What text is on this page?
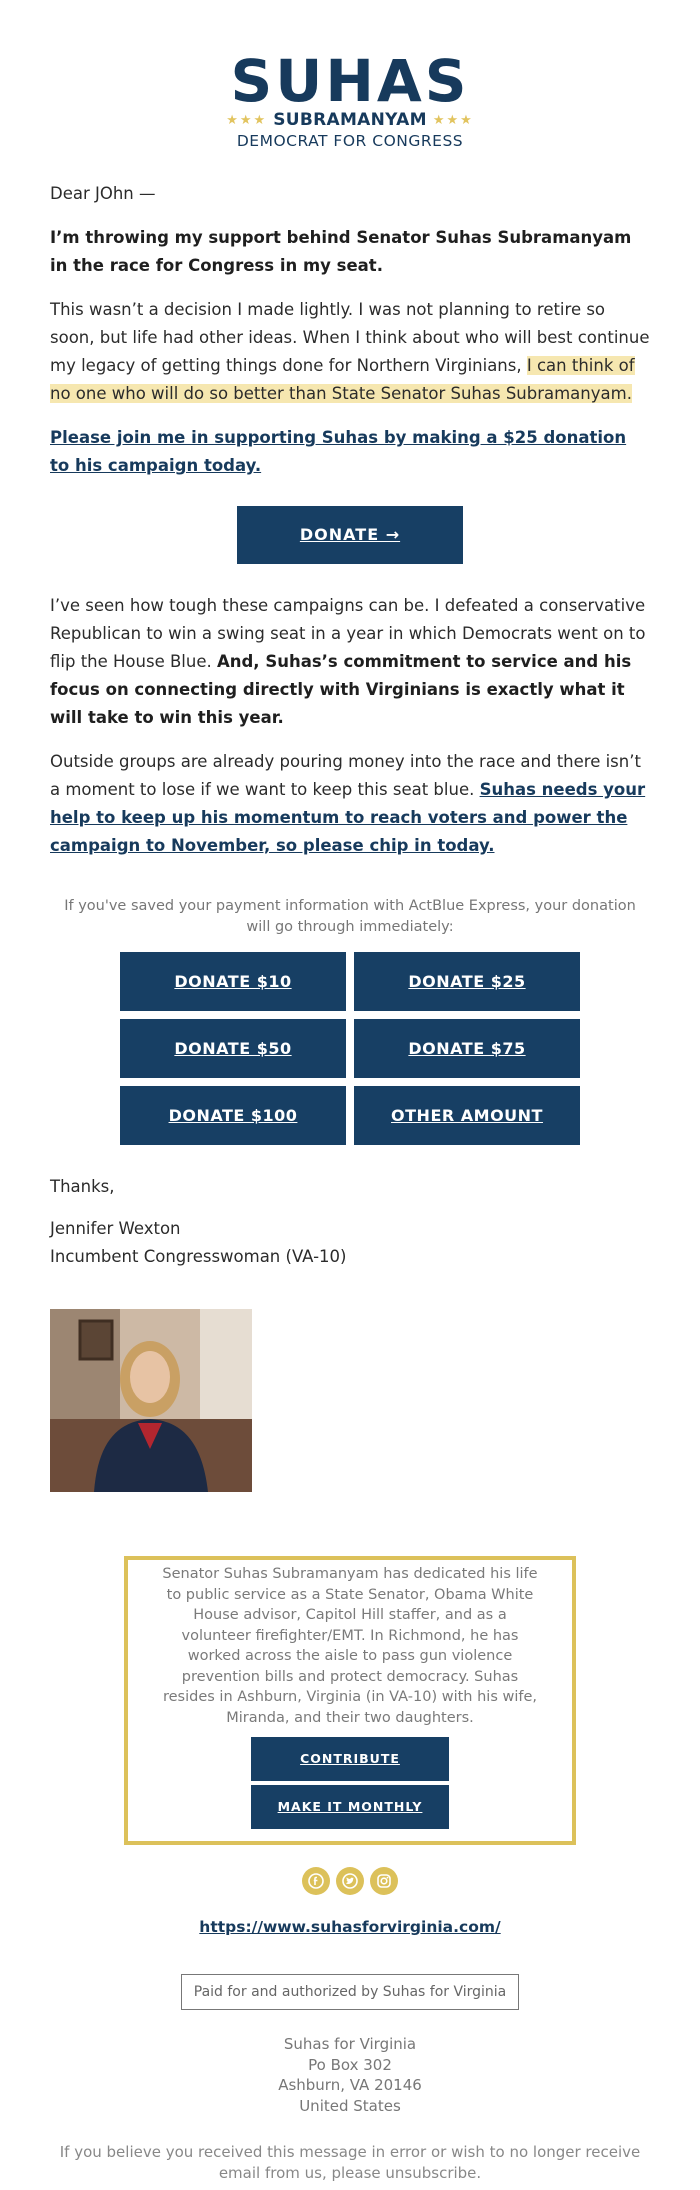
SUHAS
★★★ SUBRAMANYAM ★★★
DEMOCRAT FOR CONGRESS

Dear JOhn —

I’m throwing my support behind Senator Suhas Subramanyam in the race for Congress in my seat.

This wasn’t a decision I made lightly. I was not planning to retire so soon, but life had other ideas. When I think about who will best continue my legacy of getting things done for Northern Virginians, I can think of no one who will do so better than State Senator Suhas Subramanyam.

Please join me in supporting Suhas by making a $25 donation to his campaign today.

DONATE →

I’ve seen how tough these campaigns can be. I defeated a conservative Republican to win a swing seat in a year in which Democrats went on to flip the House Blue. And, Suhas’s commitment to service and his focus on connecting directly with Virginians is exactly what it will take to win this year.

Outside groups are already pouring money into the race and there isn’t a moment to lose if we want to keep this seat blue. Suhas needs your help to keep up his momentum to reach voters and power the campaign to November, so please chip in today.

If you've saved your payment information with ActBlue Express, your donation will go through immediately:
DONATE $10	DONATE $25
DONATE $50	DONATE $75
DONATE $100	OTHER AMOUNT

Thanks,

Jennifer Wexton

Incumbent Congresswoman (VA-10)

Senator Suhas Subramanyam has dedicated his life to public service as a State Senator, Obama White House advisor, Capitol Hill staffer, and as a volunteer firefighter/EMT. In Richmond, he has worked across the aisle to pass gun violence prevention bills and protect democracy. Suhas resides in Ashburn, Virginia (in VA-10) with his wife, Miranda, and their two daughters.
CONTRIBUTE
MAKE IT MONTHLY
https://www.suhasforvirginia.com/
Paid for and authorized by Suhas for Virginia
Suhas for Virginia
Po Box 302
Ashburn, VA 20146
United States
If you believe you received this message in error or wish to no longer receive email from us, please unsubscribe.
